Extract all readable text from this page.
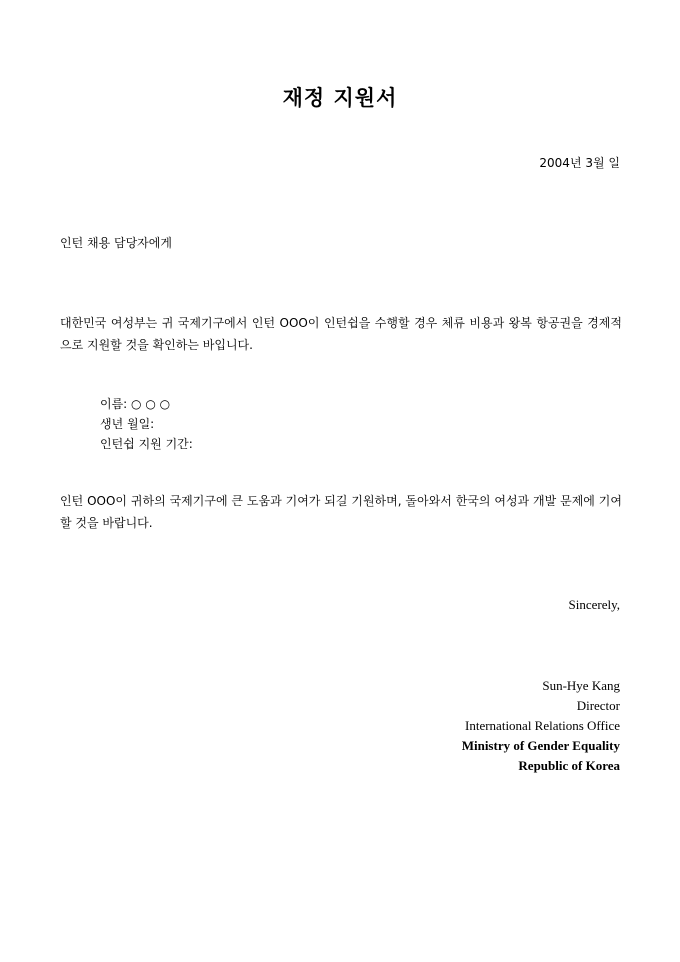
재정 지원서
2004년 3월 일
인턴 채용 담당자에게

대한민국 여성부는 귀 국제기구에서 인턴 OOO이 인턴쉽을 수행할 경우 체류 비용과 왕복 항공권을 경제적으로 지원할 것을 확인하는 바입니다.

이름: ○ ○ ○
생년 월일:
인턴쉽 지원 기간:

인턴 OOO이 귀하의 국제기구에 큰 도움과 기여가 되길 기원하며, 돌아와서 한국의 여성과 개발 문제에 기여할 것을 바랍니다.

Sincerely,
Sun-Hye Kang
Director
International Relations Office
Ministry of Gender Equality
Republic of Korea
